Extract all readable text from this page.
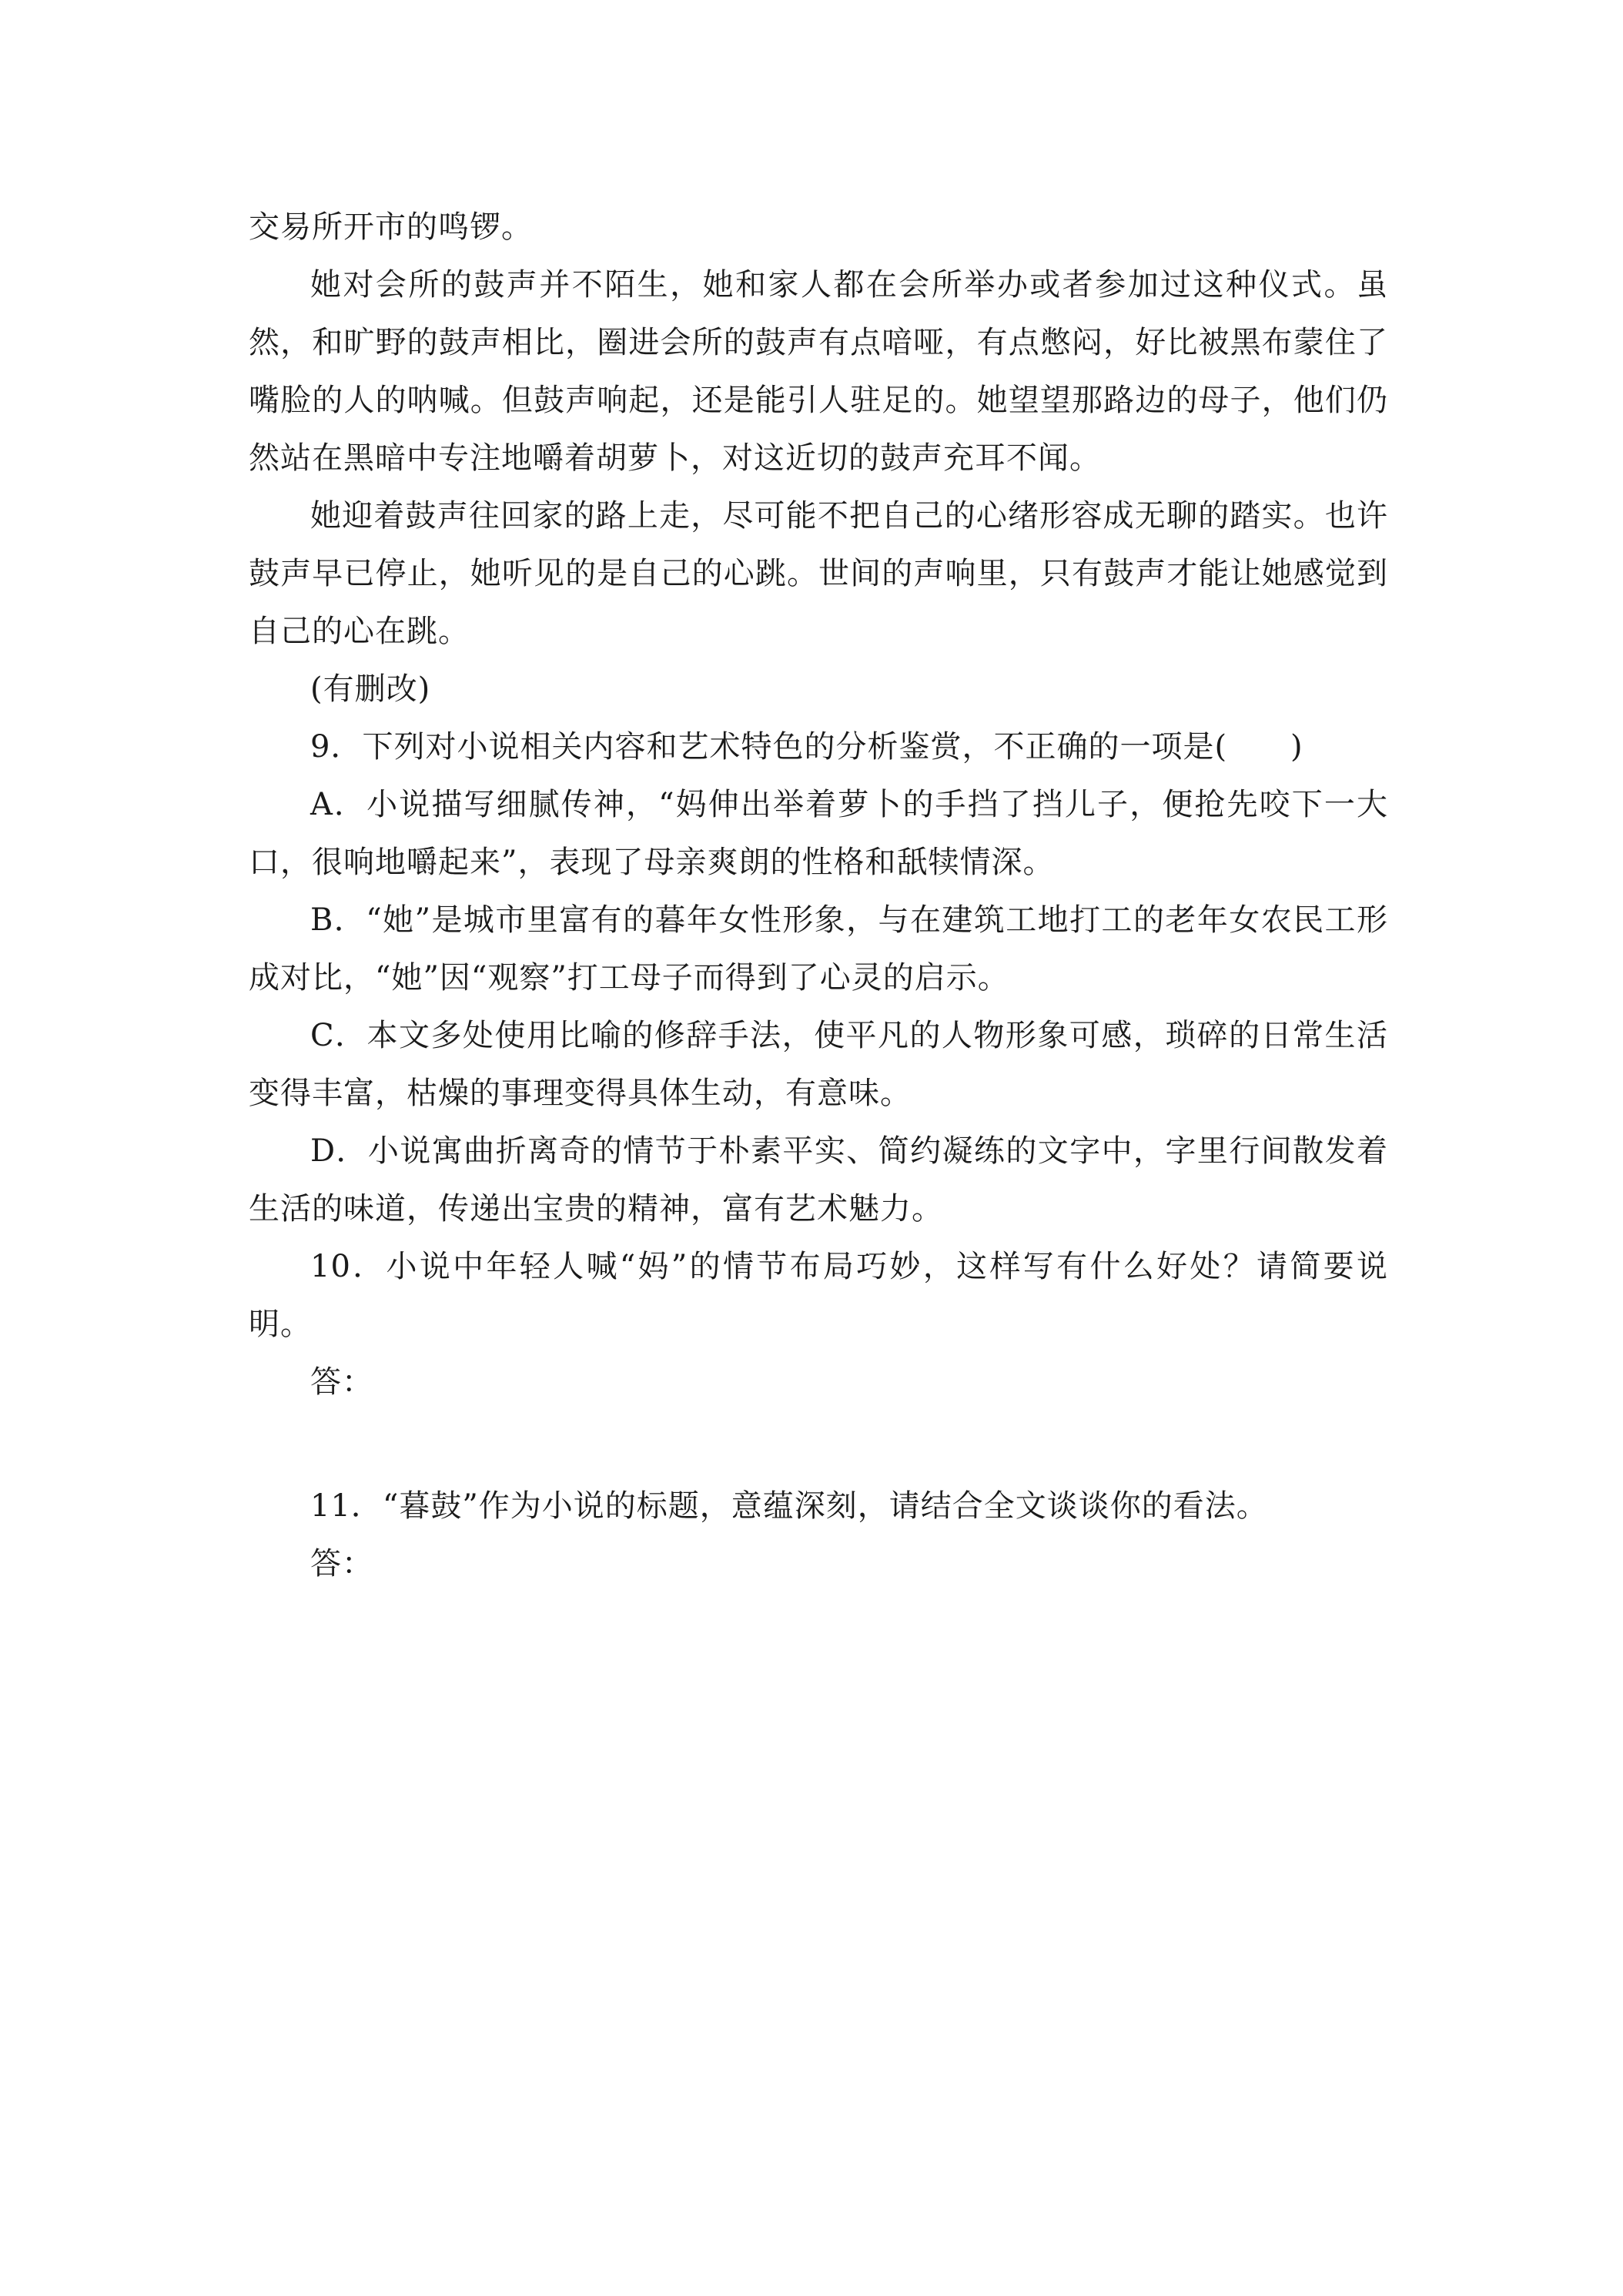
交易所开市的鸣锣。

她对会所的鼓声并不陌生，她和家人都在会所举办或者参加过这种仪式。虽然，和旷野的鼓声相比，圈进会所的鼓声有点喑哑，有点憋闷，好比被黑布蒙住了嘴脸的人的呐喊。但鼓声响起，还是能引人驻足的。她望望那路边的母子，他们仍然站在黑暗中专注地嚼着胡萝卜，对这近切的鼓声充耳不闻。

她迎着鼓声往回家的路上走，尽可能不把自己的心绪形容成无聊的踏实。也许鼓声早已停止，她听见的是自己的心跳。世间的声响里，只有鼓声才能让她感觉到自己的心在跳。

(有删改)

9．下列对小说相关内容和艺术特色的分析鉴赏，不正确的一项是(　　)

A．小说描写细腻传神，“妈伸出举着萝卜的手挡了挡儿子，便抢先咬下一大口，很响地嚼起来”，表现了母亲爽朗的性格和舐犊情深。

B．“她”是城市里富有的暮年女性形象，与在建筑工地打工的老年女农民工形成对比，“她”因“观察”打工母子而得到了心灵的启示。

C．本文多处使用比喻的修辞手法，使平凡的人物形象可感，琐碎的日常生活变得丰富，枯燥的事理变得具体生动，有意味。

D．小说寓曲折离奇的情节于朴素平实、简约凝练的文字中，字里行间散发着生活的味道，传递出宝贵的精神，富有艺术魅力。

10．小说中年轻人喊“妈”的情节布局巧妙，这样写有什么好处？请简要说明。

答：

11．“暮鼓”作为小说的标题，意蕴深刻，请结合全文谈谈你的看法。

答：
